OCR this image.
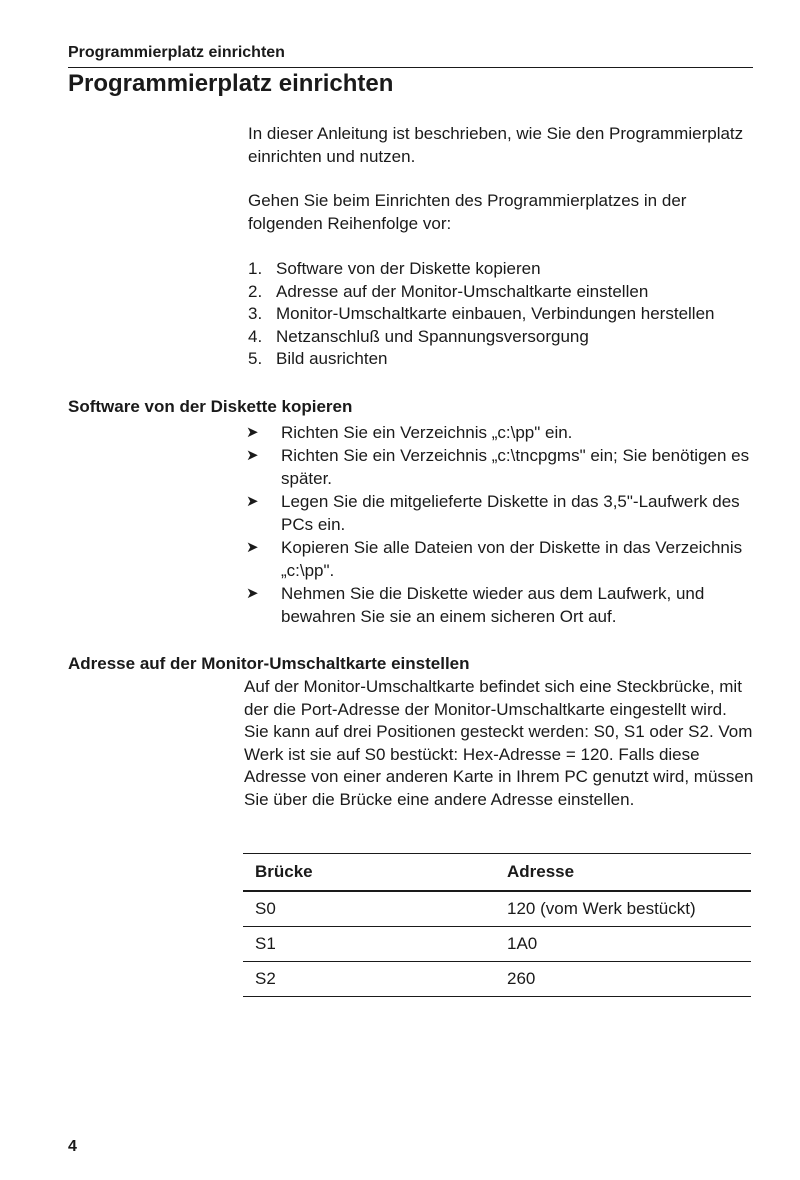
Programmierplatz einrichten
Programmierplatz einrichten

In dieser Anleitung ist beschrieben, wie Sie den Programmierplatz einrichten und nutzen.

Gehen Sie beim Einrichten des Programmierplatzes in der folgenden Reihenfolge vor:

1. Software von der Diskette kopieren
2. Adresse auf der Monitor-Umschaltkarte einstellen
3. Monitor-Umschaltkarte einbauen, Verbindungen herstellen
4. Netzanschluß und Spannungsversorgung
5. Bild ausrichten
Software von der Diskette kopieren
➤	Richten Sie ein Verzeichnis „c:\pp" ein.
➤	Richten Sie ein Verzeichnis „c:\tncpgms" ein; Sie benötigen es später.
➤	Legen Sie die mitgelieferte Diskette in das 3,5"-Laufwerk des PCs ein.
➤	Kopieren Sie alle Dateien von der Diskette in das Verzeichnis „c:\pp".
➤	Nehmen Sie die Diskette wieder aus dem Laufwerk, und bewahren Sie sie an einem sicheren Ort auf.
Adresse auf der Monitor-Umschaltkarte einstellen

Auf der Monitor-Umschaltkarte befindet sich eine Steckbrücke, mit der die Port-Adresse der Monitor-Umschaltkarte eingestellt wird. Sie kann auf drei Positionen gesteckt werden: S0, S1 oder S2. Vom Werk ist sie auf S0 bestückt: Hex-Adresse = 120. Falls diese Adresse von einer anderen Karte in Ihrem PC genutzt wird, müssen Sie über die Brücke eine andere Adresse einstellen.

Brücke	Adresse
S0	120 (vom Werk bestückt)
S1	1A0
S2	260
4
